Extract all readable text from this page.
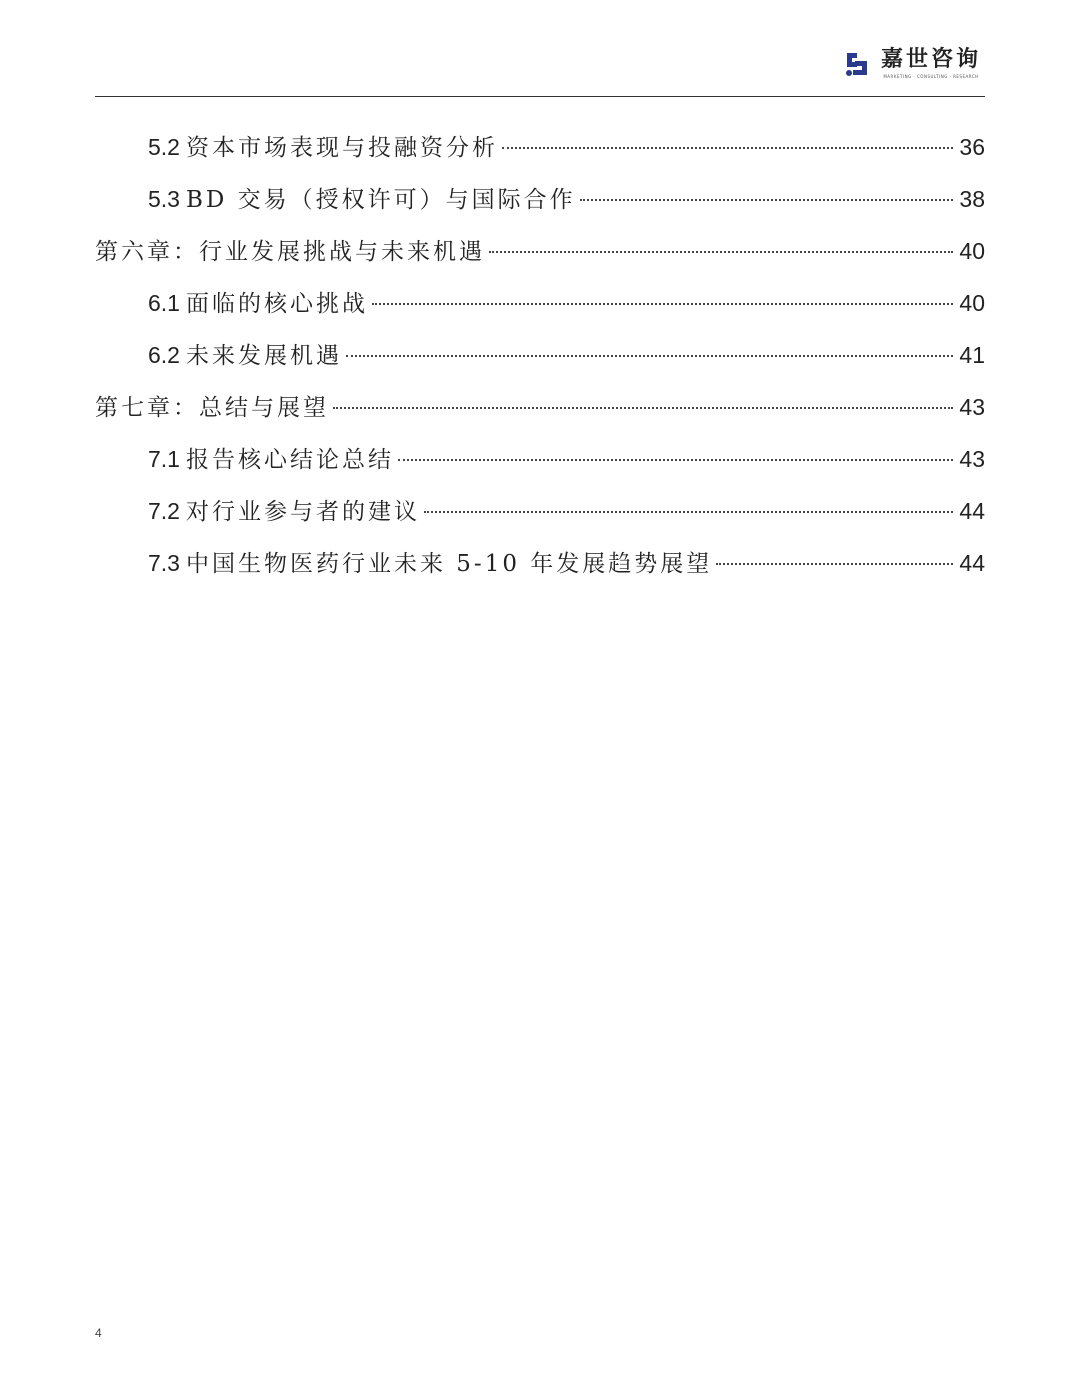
嘉世咨询
MARKETING · CONSULTING · RESEARCH
5.2 资本市场表现与投融资分析	36
5.3 BD 交易（授权许可）与国际合作	38
第六章：行业发展挑战与未来机遇	40
6.1 面临的核心挑战	40
6.2 未来发展机遇	41
第七章：总结与展望	43
7.1 报告核心结论总结	43
7.2 对行业参与者的建议	44
7.3 中国生物医药行业未来 5-10 年发展趋势展望	44
4
